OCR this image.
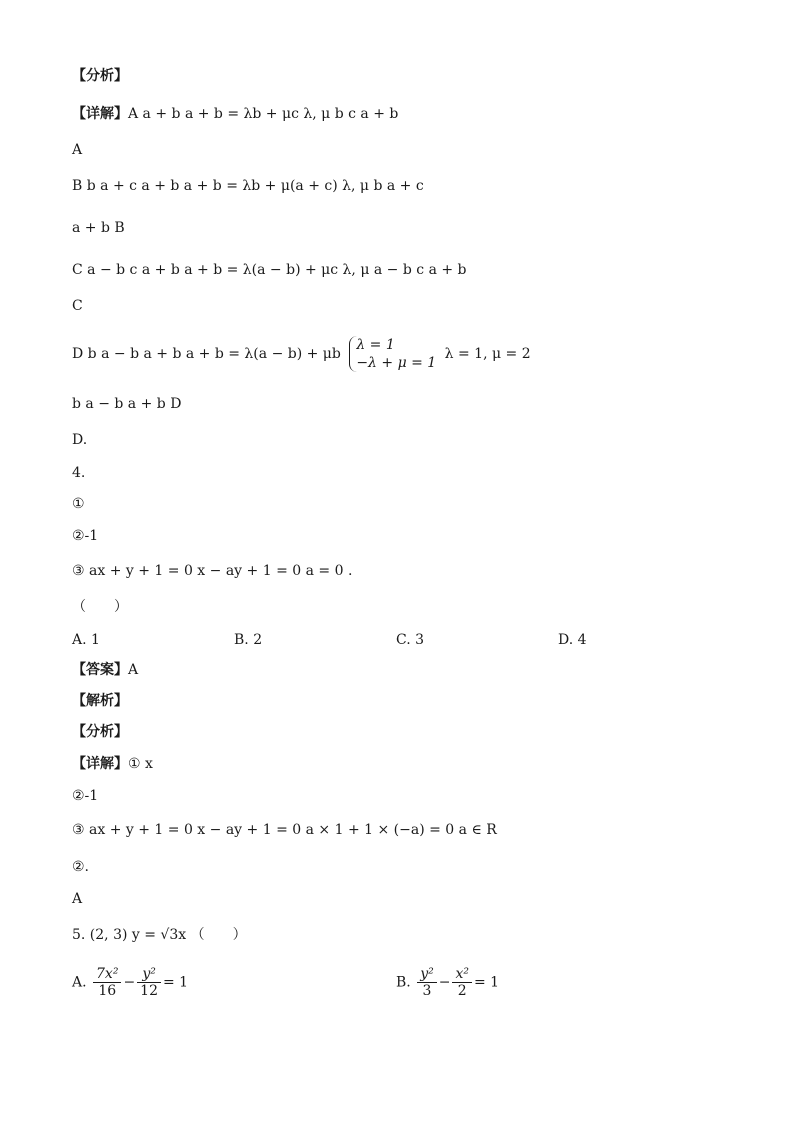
【分析】
【详解】A a + b a + b = λb + μc λ, μ b c a + b
A
B b a + c a + b a + b = λb + μ(a + c) λ, μ b a + c
a + b B
C a − b c a + b a + b = λ(a − b) + μc λ, μ a − b c a + b
C
D b a − b a + b a + b = λ(a − b) + μb
λ = 1
−λ + μ = 1
λ = 1, μ = 2
b a − b a + b D
D.
4.
①
②-1
③ ax + y + 1 = 0 x − ay + 1 = 0 a = 0 .
（　　）
A. 1	B. 2	C. 3	D. 4
【答案】A
【解析】
【分析】
【详解】① x
②-1
③ ax + y + 1 = 0 x − ay + 1 = 0 a × 1 + 1 × (−a) = 0 a ∈ R
②.
A
5. (2, 3) y = √3x （　　）
A. $\frac{\text{7x²}}{16} - \frac{\text{y²}}{12} = 1$	B. $\frac{\text{y²}}{3} - \frac{\text{x²}}{2} = 1$
